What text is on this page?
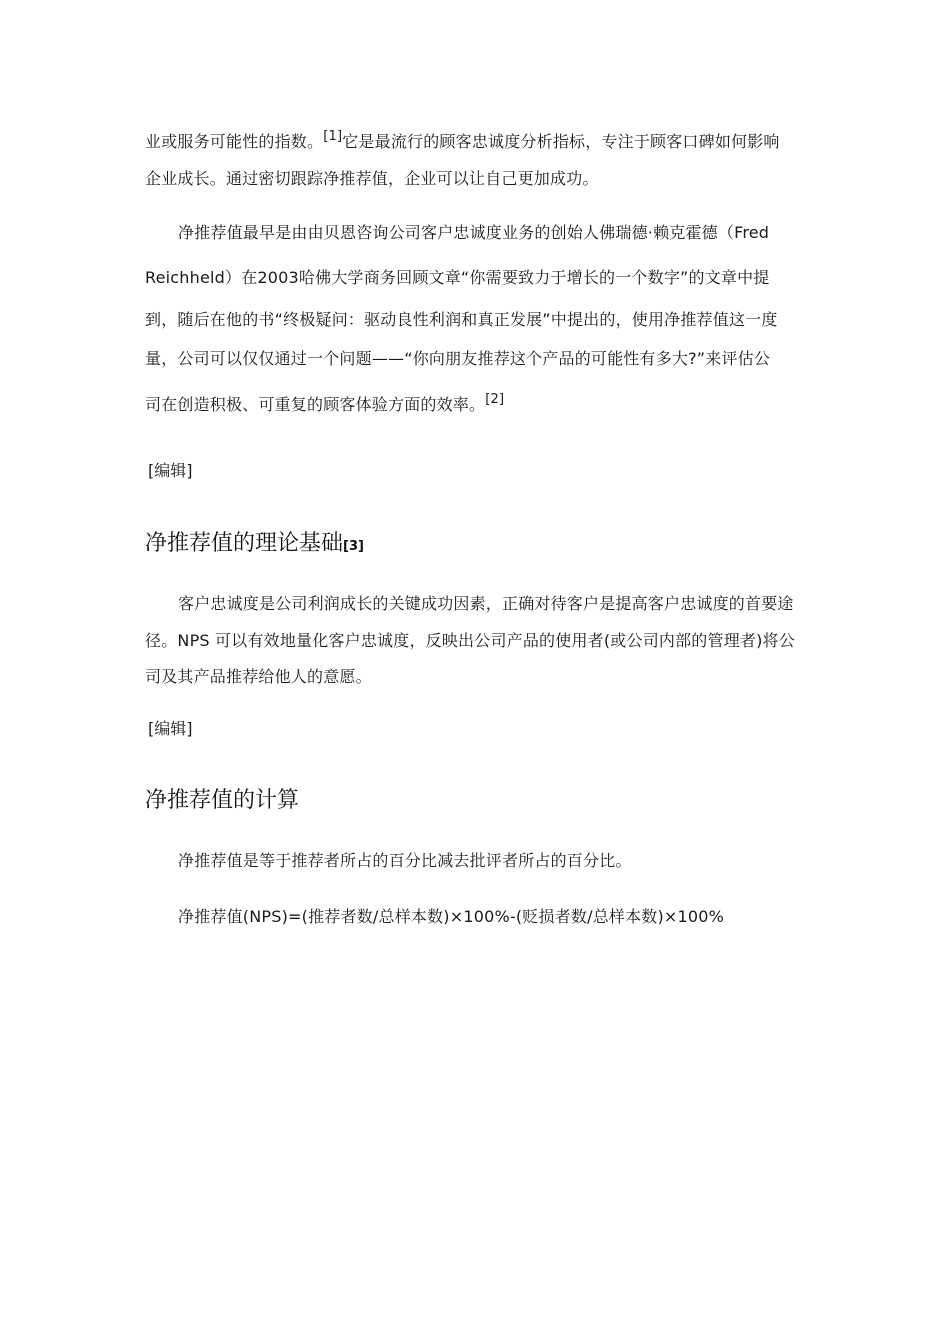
业或服务可能性的指数。[1]它是最流行的顾客忠诚度分析指标，专注于顾客口碑如何影响
企业成长。通过密切跟踪净推荐值，企业可以让自己更加成功。
净推荐值最早是由由贝恩咨询公司客户忠诚度业务的创始人佛瑞德·赖克霍德（Fred
Reichheld）在2003哈佛大学商务回顾文章“你需要致力于增长的一个数字”的文章中提
到，随后在他的书“终极疑问：驱动良性利润和真正发展”中提出的，使用净推荐值这一度
量，公司可以仅仅通过一个问题——“你向朋友推荐这个产品的可能性有多大?”来评估公
司在创造积极、可重复的顾客体验方面的效率。[2]
[编辑]
净推荐值的理论基础[3]
客户忠诚度是公司利润成长的关键成功因素，正确对待客户是提高客户忠诚度的首要途
径。NPS 可以有效地量化客户忠诚度，反映出公司产品的使用者(或公司内部的管理者)将公
司及其产品推荐给他人的意愿。
[编辑]
净推荐值的计算
净推荐值是等于推荐者所占的百分比减去批评者所占的百分比。
净推荐值(NPS)=(推荐者数/总样本数)×100%-(贬损者数/总样本数)×100%
